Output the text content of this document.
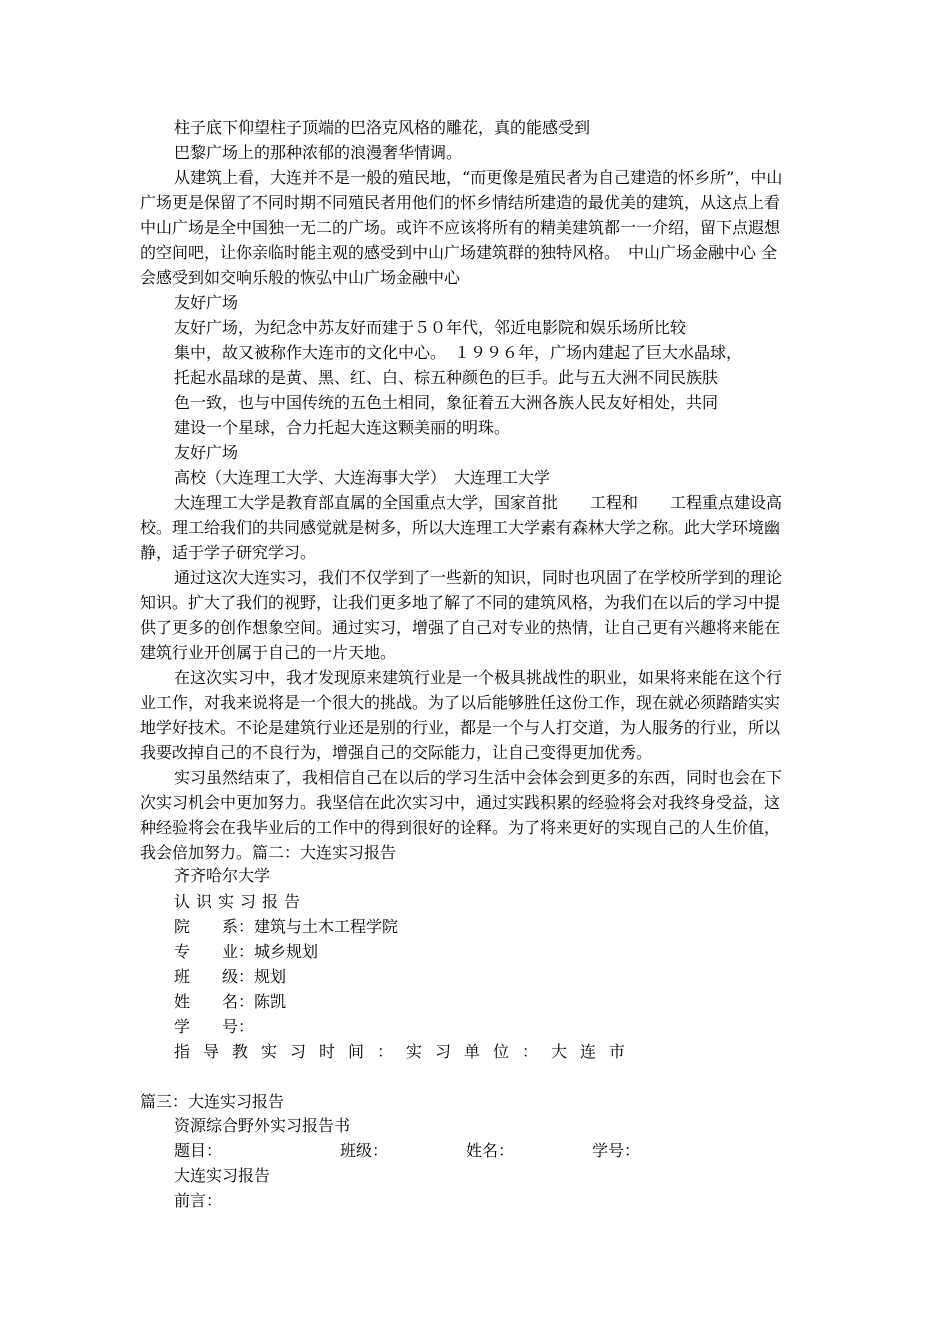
柱子底下仰望柱子顶端的巴洛克风格的雕花，真的能感受到
巴黎广场上的那种浓郁的浪漫奢华情调。
从建筑上看，大连并不是一般的殖民地，“而更像是殖民者为自己建造的怀乡所”，中山
广场更是保留了不同时期不同殖民者用他们的怀乡情结所建造的最优美的建筑，从这点上看
中山广场是全中国独一无二的广场。或许不应该将所有的精美建筑都一一介绍，留下点遐想
的空间吧，让你亲临时能主观的感受到中山广场建筑群的独特风格。　中山广场金融中心 全
会感受到如交响乐般的恢弘中山广场金融中心
友好广场
友好广场，为纪念中苏友好而建于５０年代，邻近电影院和娱乐场所比较
集中，故又被称作大连市的文化中心。　１９９６年，广场内建起了巨大水晶球，
托起水晶球的是黄、黑、红、白、棕五种颜色的巨手。此与五大洲不同民族肤
色一致，也与中国传统的五色土相同，象征着五大洲各族人民友好相处，共同
建设一个星球，合力托起大连这颗美丽的明珠。
友好广场
高校（大连理工大学、大连海事大学）　大连理工大学
大连理工大学是教育部直属的全国重点大学，国家首批　　工程和　　工程重点建设高
校。理工给我们的共同感觉就是树多，所以大连理工大学素有森林大学之称。此大学环境幽
静，适于学子研究学习。
通过这次大连实习，我们不仅学到了一些新的知识，同时也巩固了在学校所学到的理论
知识。扩大了我们的视野，让我们更多地了解了不同的建筑风格，为我们在以后的学习中提
供了更多的创作想象空间。通过实习，增强了自己对专业的热情，让自己更有兴趣将来能在
建筑行业开创属于自己的一片天地。
在这次实习中，我才发现原来建筑行业是一个极具挑战性的职业，如果将来能在这个行
业工作，对我来说将是一个很大的挑战。为了以后能够胜任这份工作，现在就必须踏踏实实
地学好技术。不论是建筑行业还是别的行业，都是一个与人打交道，为人服务的行业，所以
我要改掉自己的不良行为，增强自己的交际能力，让自己变得更加优秀。
实习虽然结束了，我相信自己在以后的学习生活中会体会到更多的东西，同时也会在下
次实习机会中更加努力。我坚信在此次实习中，通过实践积累的经验将会对我终身受益，这
种经验将会在我毕业后的工作中的得到很好的诠释。为了将来更好的实现自己的人生价值，
我会倍加努力。篇二：大连实习报告
齐齐哈尔大学
认识实习报告
院　　系：建筑与土木工程学院
专　　业：城乡规划
班　　级：规划
姓　　名：陈凯
学　　号：
指导教实习时间：实习单位：大连市
篇三：大连实习报告
资源综合野外实习报告书
题目：	班级：	姓名：	学号：
大连实习报告
前言：
